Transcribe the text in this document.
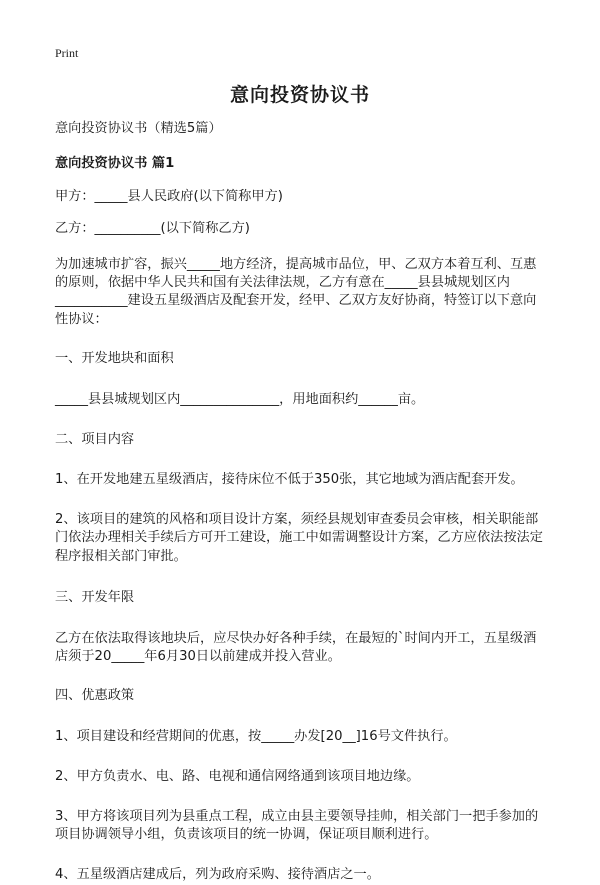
Print
意向投资协议书

意向投资协议书（精选5篇）

意向投资协议书 篇1

甲方：_____县人民政府(以下简称甲方)

乙方：__________(以下简称乙方)

为加速城市扩容，振兴_____地方经济，提高城市品位，甲、乙双方本着互利、互惠的原则，依据中华人民共和国有关法律法规，乙方有意在_____县县城规划区内___________建设五星级酒店及配套开发，经甲、乙双方友好协商，特签订以下意向性协议：

一、开发地块和面积

_____县县城规划区内_______________，用地面积约______亩。

二、项目内容

1、在开发地建五星级酒店，接待床位不低于350张，其它地域为酒店配套开发。

2、该项目的建筑的风格和项目设计方案，须经县规划审查委员会审核，相关职能部门依法办理相关手续后方可开工建设，施工中如需调整设计方案，乙方应依法按法定程序报相关部门审批。

三、开发年限

乙方在依法取得该地块后，应尽快办好各种手续，在最短的`时间内开工，五星级酒店须于20_____年6月30日以前建成并投入营业。

四、优惠政策

1、项目建设和经营期间的优惠，按_____办发[20__]16号文件执行。

2、甲方负责水、电、路、电视和通信网络通到该项目地边缘。

3、甲方将该项目列为县重点工程，成立由县主要领导挂帅，相关部门一把手参加的项目协调领导小组，负责该项目的统一协调，保证项目顺利进行。

4、五星级酒店建成后，列为政府采购、接待酒店之一。
